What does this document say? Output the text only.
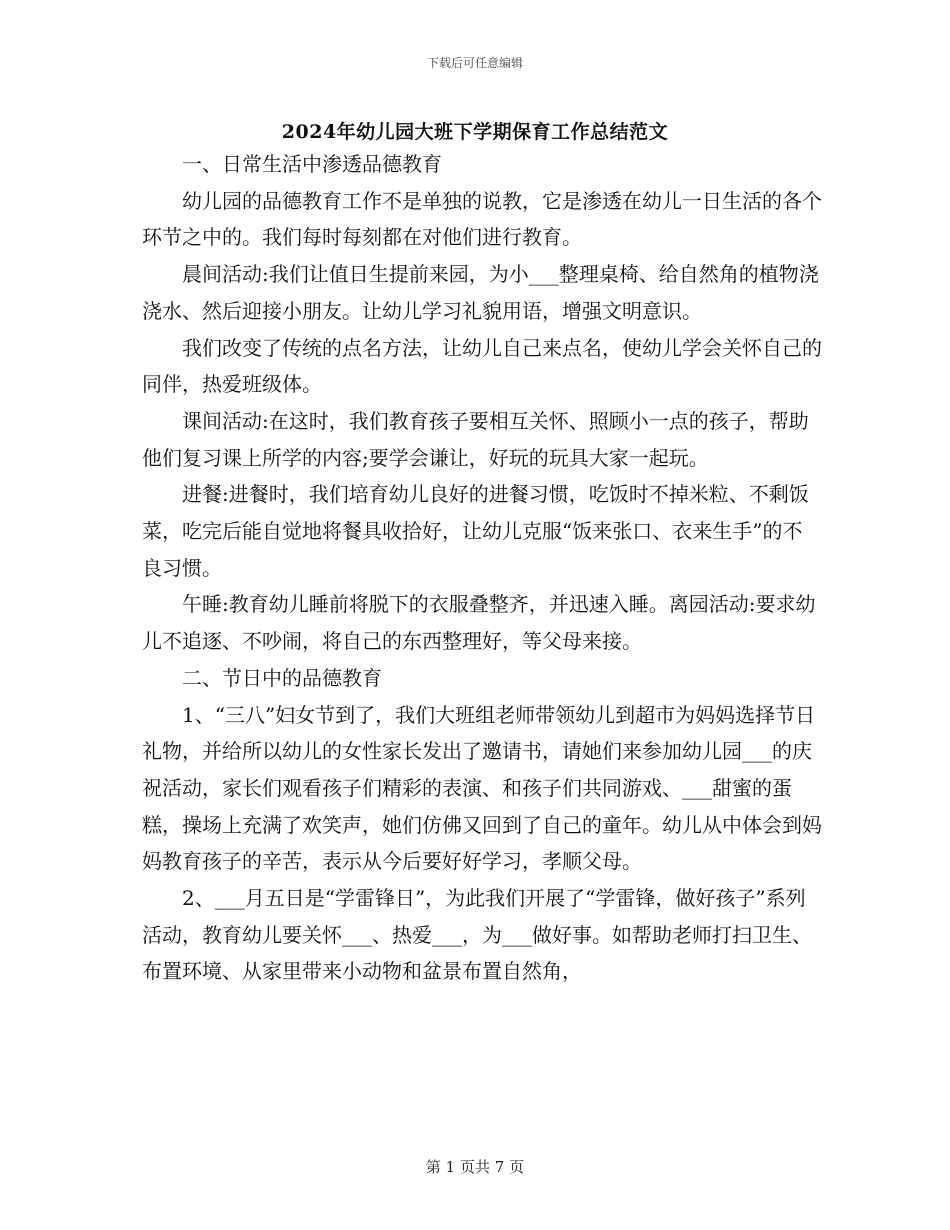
下载后可任意编辑
2024年幼儿园大班下学期保育工作总结范文

一、日常生活中渗透品德教育

幼儿园的品德教育工作不是单独的说教，它是渗透在幼儿一日生活的各个环节之中的。我们每时每刻都在对他们进行教育。

晨间活动:我们让值日生提前来园，为小___整理桌椅、给自然角的植物浇浇水、然后迎接小朋友。让幼儿学习礼貌用语，增强文明意识。

我们改变了传统的点名方法，让幼儿自己来点名，使幼儿学会关怀自己的同伴，热爱班级体。

课间活动:在这时，我们教育孩子要相互关怀、照顾小一点的孩子，帮助他们复习课上所学的内容;要学会谦让，好玩的玩具大家一起玩。

进餐:进餐时，我们培育幼儿良好的进餐习惯，吃饭时不掉米粒、不剩饭菜，吃完后能自觉地将餐具收拾好，让幼儿克服“饭来张口、衣来生手”的不良习惯。

午睡:教育幼儿睡前将脱下的衣服叠整齐，并迅速入睡。离园活动:要求幼儿不追逐、不吵闹，将自己的东西整理好，等父母来接。

二、节日中的品德教育

1、“三八”妇女节到了，我们大班组老师带领幼儿到超市为妈妈选择节日礼物，并给所以幼儿的女性家长发出了邀请书，请她们来参加幼儿园___的庆祝活动，家长们观看孩子们精彩的表演、和孩子们共同游戏、___甜蜜的蛋糕，操场上充满了欢笑声，她们仿佛又回到了自己的童年。幼儿从中体会到妈妈教育孩子的辛苦，表示从今后要好好学习，孝顺父母。

2、___月五日是“学雷锋日”，为此我们开展了“学雷锋，做好孩子”系列活动，教育幼儿要关怀___、热爱___，为___做好事。如帮助老师打扫卫生、布置环境、从家里带来小动物和盆景布置自然角，

第 1 页共 7 页
